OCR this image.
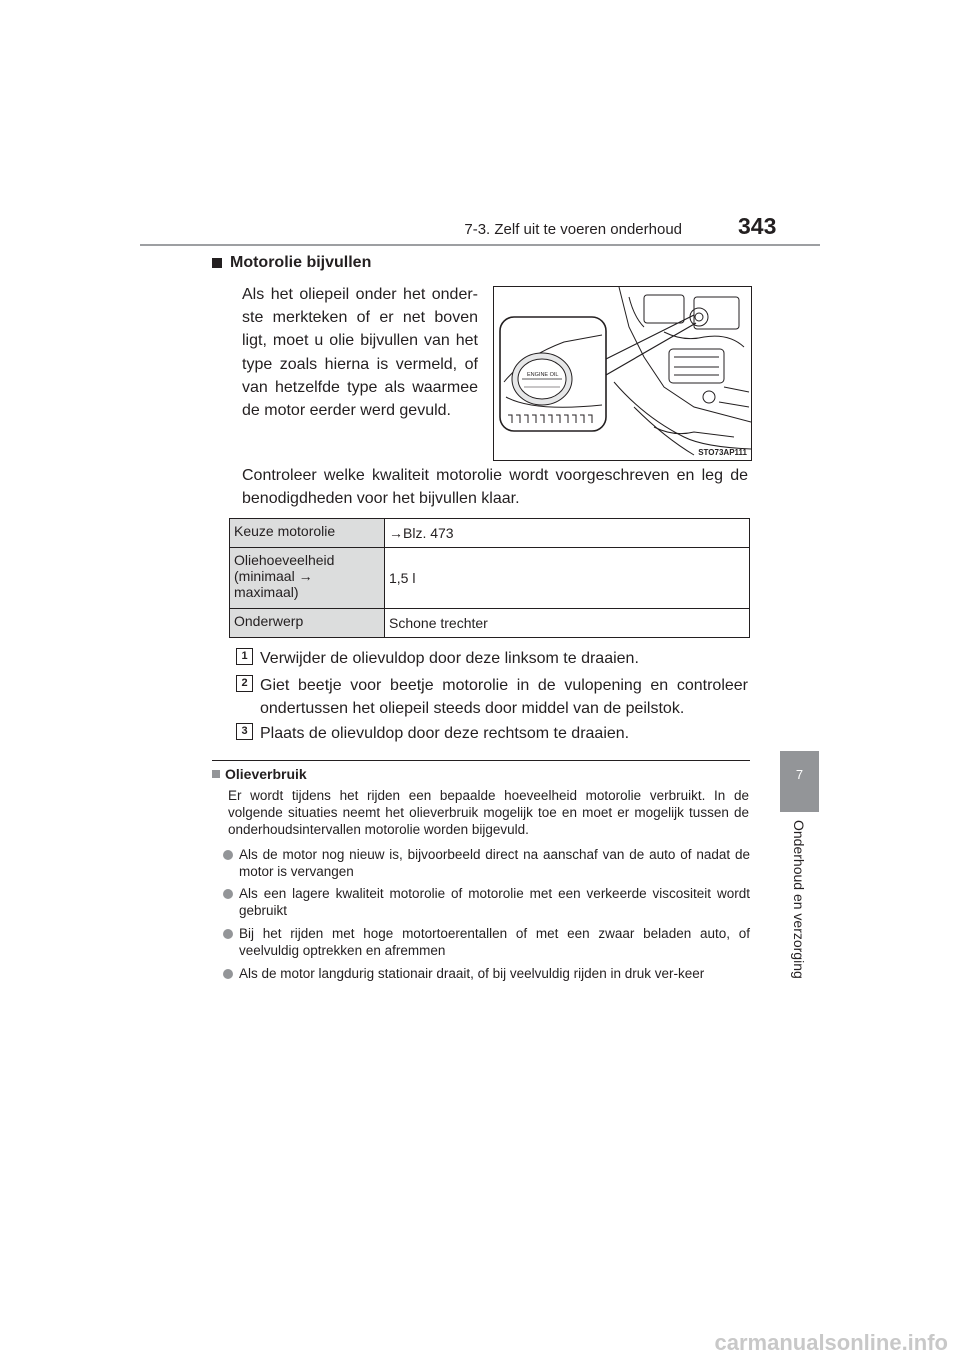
7-3. Zelf uit te voeren onderhoud 343
7
Onderhoud en verzorging
Motorolie bijvullen
Als het oliepeil onder het onder-ste merkteken of er net boven ligt, moet u olie bijvullen van het type zoals hierna is vermeld, of van hetzelfde type als waarmee de motor eerder werd gevuld.
ENGINE OIL
STO73AP111
Controleer welke kwaliteit motorolie wordt voorgeschreven en leg de benodigdheden voor het bijvullen klaar.
Keuze motorolie	→Blz. 473
Oliehoeveelheid (minimaal → maximaal)	1,5 l
Onderwerp	Schone trechter
1 Verwijder de olievuldop door deze linksom te draaien.
2 Giet beetje voor beetje motorolie in de vulopening en controleer ondertussen het oliepeil steeds door middel van de peilstok.
3 Plaats de olievuldop door deze rechtsom te draaien.
Olieverbruik
Er wordt tijdens het rijden een bepaalde hoeveelheid motorolie verbruikt. In de volgende situaties neemt het olieverbruik mogelijk toe en moet er mogelijk tussen de onderhoudsintervallen motorolie worden bijgevuld.
Als de motor nog nieuw is, bijvoorbeeld direct na aanschaf van de auto of nadat de motor is vervangen
Als een lagere kwaliteit motorolie of motorolie met een verkeerde viscositeit wordt gebruikt
Bij het rijden met hoge motortoerentallen of met een zwaar beladen auto, of veelvuldig optrekken en afremmen
Als de motor langdurig stationair draait, of bij veelvuldig rijden in druk ver-keer
carmanualsonline.info
